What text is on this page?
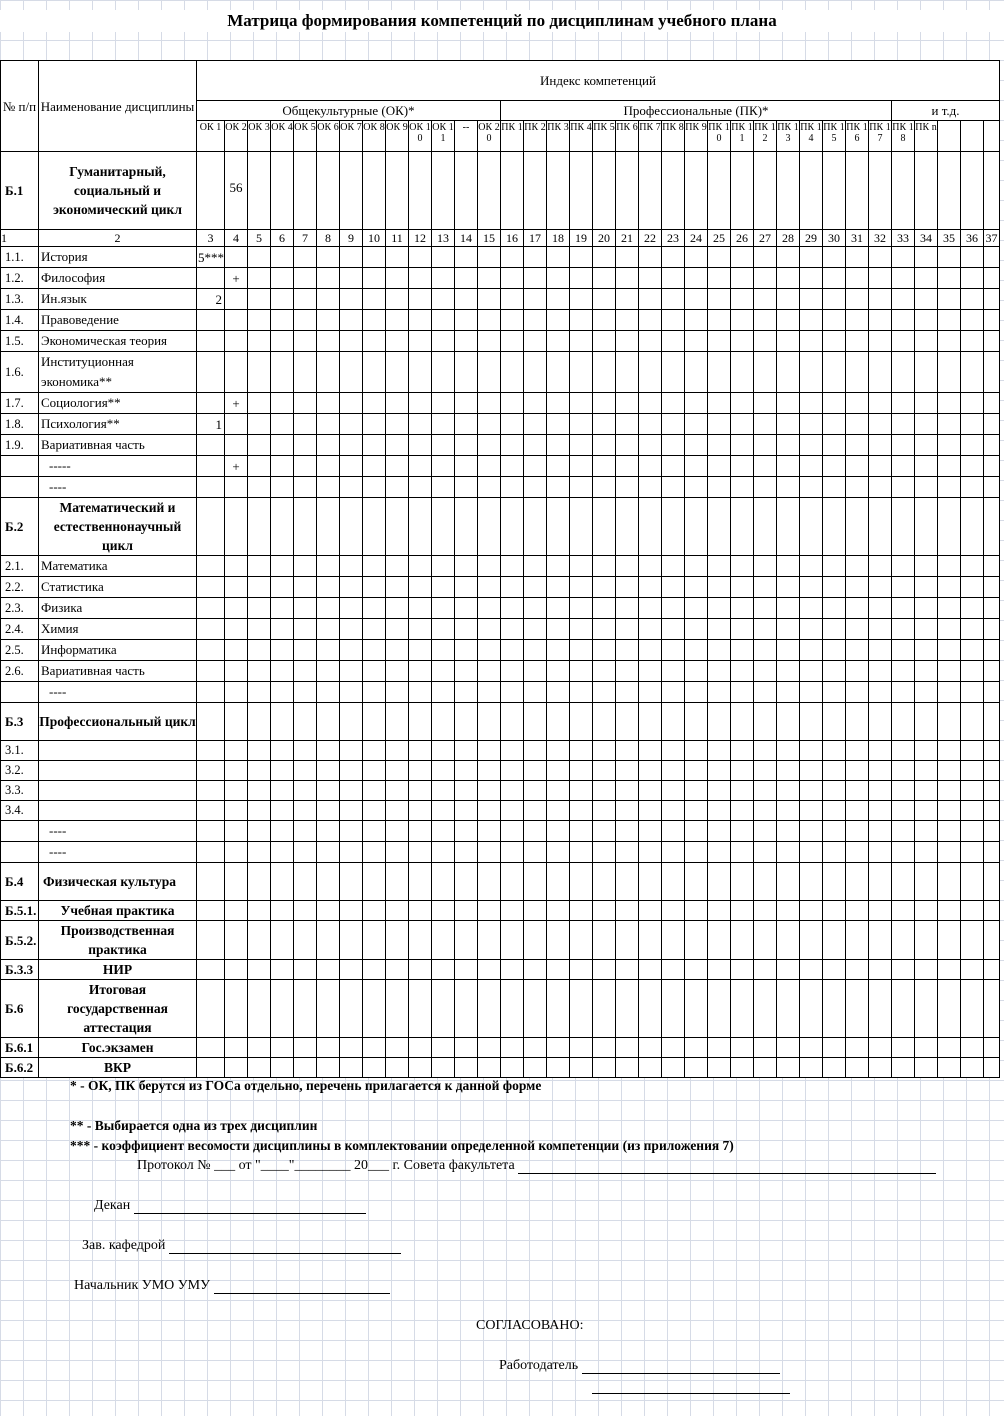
Матрица формирования компетенций по дисциплинам учебного плана
№ п/п	Наименование дисциплины	Индекс компетенций																																		
		Общекультурные (ОК)*													Профессиональные (ПК)*																	и т.д.				
		ОК 1	ОК 2	ОК 3	ОК 4	ОК 5	ОК 6	ОК 7	ОК 8	ОК 9	ОК 10	ОК 11	--	ОК 20	ПК 1	ПК 2	ПК 3	ПК 4	ПК 5	ПК 6	ПК 7	ПК 8	ПК 9	ПК 10	ПК 11	ПК 12	ПК 13	ПК 14	ПК 15	ПК 16	ПК 17	ПК 18	ПК n			
Б.1	Гуманитарный, социальный и экономический цикл		56																																	
1	2	3	4	5	6	7	8	9	10	11	12	13	14	15	16	17	18	19	20	21	22	23	24	25	26	27	28	29	30	31	32	33	34	35	36	37
1.1.	История	5***																																		
1.2.	Философия		+																																	
1.3.	Ин.язык	2																																		
1.4.	Правоведение																																			
1.5.	Экономическая теория																																			
1.6.	Институционная экономика**																																			
1.7.	Социология**		+																																	
1.8.	Психология**	1																																		
1.9.	Вариативная часть																																			
	-----		+																																	
	----																																			
Б.2	Математический и естественнонаучный цикл																																			
2.1.	Математика																																			
2.2.	Статистика																																			
2.3.	Физика																																			
2.4.	Химия																																			
2.5.	Информатика																																			
2.6.	Вариативная часть																																			
	----																																			
Б.3	Профессиональный цикл																																			
3.1.																																				
3.2.																																				
3.3.																																				
3.4.																																				
	----																																			
	----																																			
Б.4	Физическая культура																																			
Б.5.1.	Учебная практика																																			
Б.5.2.	Производственная практика																																			
Б.3.3	НИР																																			
Б.6	Итоговая государственная аттестация																																			
Б.6.1	Гос.экзамен																																			
Б.6.2	ВКР																																			
* - ОК, ПК берутся из ГОСа отдельно, перечень прилагается к данной форме
** - Выбирается одна из трех дисциплин
*** - коэффициент весомости дисциплины в комплектовании определенной компетенции (из приложения 7)
Протокол № ___ от "____"________ 20___ г. Совета факультета
Декан
Зав. кафедрой
Начальник УМО УМУ
СОГЛАСОВАНО:
Работодатель
